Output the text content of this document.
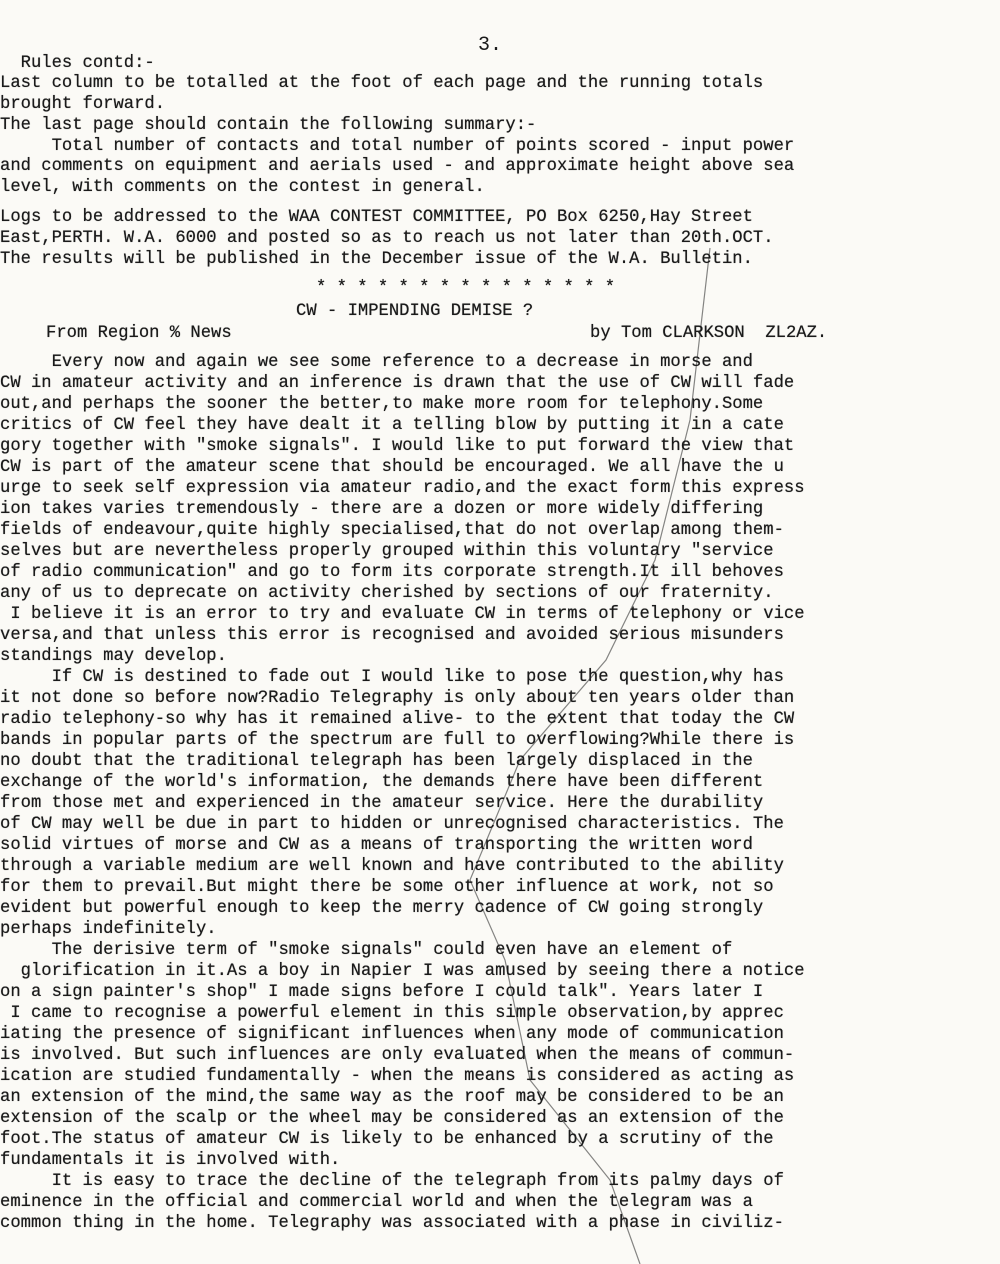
3.
Rules contd:-
Last column to be totalled at the foot of each page and the running totals
brought forward.
The last page should contain the following summary:-
Total number of contacts and total number of points scored - input power
and comments on equipment and aerials used - and approximate height above sea
level, with comments on the contest in general.
Logs to be addressed to the WAA CONTEST COMMITTEE, PO Box 6250,Hay Street
East,PERTH. W.A. 6000 and posted so as to reach us not later than 20th.OCT.
The results will be published in the December issue of the W.A. Bulletin.
* * * * * * * * * * * * * * *
CW - IMPENDING DEMISE ?
From Region % News	by Tom CLARKSON  ZL2AZ.
Every now and again we see some reference to a decrease in morse and
CW in amateur activity and an inference is drawn that the use of CW will fade
out,and perhaps the sooner the better,to make more room for telephony.Some
critics of CW feel they have dealt it a telling blow by putting it in a cate
gory together with "smoke signals". I would like to put forward the view that
CW is part of the amateur scene that should be encouraged. We all have the u
urge to seek self expression via amateur radio,and the exact form this express
ion takes varies tremendously - there are a dozen or more widely differing
fields of endeavour,quite highly specialised,that do not overlap among them-
selves but are nevertheless properly grouped within this voluntary "service
of radio communication" and go to form its corporate strength.It ill behoves
any of us to deprecate on activity cherished by sections of our fraternity.
I believe it is an error to try and evaluate CW in terms of telephony or vice
versa,and that unless this error is recognised and avoided serious misunders
standings may develop.
If CW is destined to fade out I would like to pose the question,why has
it not done so before now?Radio Telegraphy is only about ten years older than
radio telephony-so why has it remained alive- to the extent that today the CW
bands in popular parts of the spectrum are full to overflowing?While there is
no doubt that the traditional telegraph has been largely displaced in the
exchange of the world's information, the demands there have been different
from those met and experienced in the amateur service. Here the durability
of CW may well be due in part to hidden or unrecognised characteristics. The
solid virtues of morse and CW as a means of transporting the written word
through a variable medium are well known and have contributed to the ability
for them to prevail.But might there be some other influence at work, not so
evident but powerful enough to keep the merry cadence of CW going strongly
perhaps indefinitely.
The derisive term of "smoke signals" could even have an element of
glorification in it.As a boy in Napier I was amused by seeing there a notice
on a sign painter's shop" I made signs before I could talk". Years later I
I came to recognise a powerful element in this simple observation,by apprec
iating the presence of significant influences when any mode of communication
is involved. But such influences are only evaluated when the means of commun-
ication are studied fundamentally - when the means is considered as acting as
an extension of the mind,the same way as the roof may be considered to be an
extension of the scalp or the wheel may be considered as an extension of the
foot.The status of amateur CW is likely to be enhanced by a scrutiny of the
fundamentals it is involved with.
It is easy to trace the decline of the telegraph from its palmy days of
eminence in the official and commercial world and when the telegram was a
common thing in the home. Telegraphy was associated with a phase in civiliz-
